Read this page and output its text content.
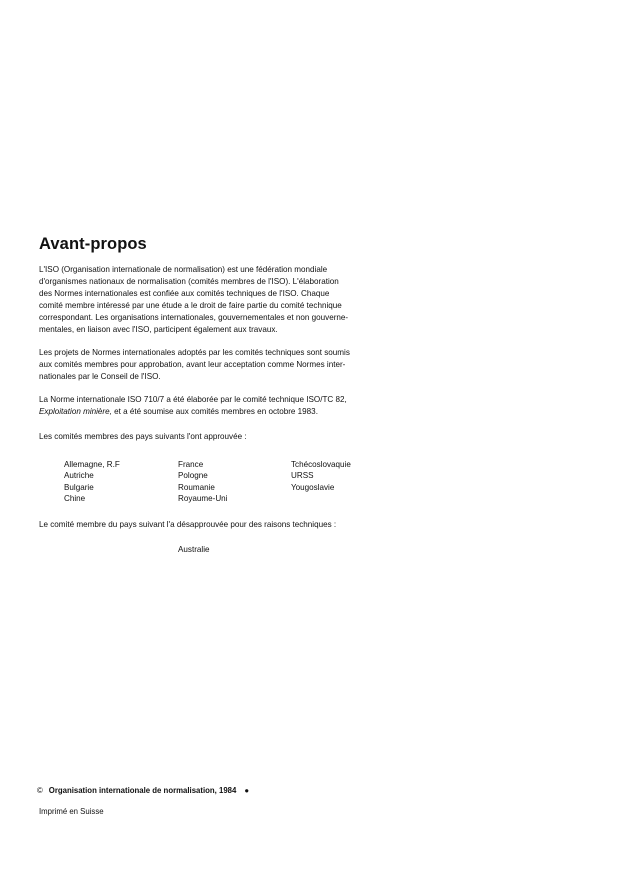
Avant-propos
L'ISO (Organisation internationale de normalisation) est une fédération mondiale
d'organismes nationaux de normalisation (comités membres de l'ISO). L'élaboration
des Normes internationales est confiée aux comités techniques de l'ISO. Chaque
comité membre intéressé par une étude a le droit de faire partie du comité technique
correspondant. Les organisations internationales, gouvernementales et non gouverne-
mentales, en liaison avec l'ISO, participent également aux travaux.
Les projets de Normes internationales adoptés par les comités techniques sont soumis
aux comités membres pour approbation, avant leur acceptation comme Normes inter-
nationales par le Conseil de l'ISO.
La Norme internationale ISO 710/7 a été élaborée par le comité technique ISO/TC 82,
Exploitation minière, et a été soumise aux comités membres en octobre 1983.

Les comités membres des pays suivants l'ont approuvée :

Allemagne, R.F
Autriche
Bulgarie
Chine
France
Pologne
Roumanie
Royaume-Uni
Tchécoslovaquie
URSS
Yougoslavie

Le comité membre du pays suivant l'a désapprouvée pour des raisons techniques :

Australie

© Organisation internationale de normalisation, 1984 ●
Imprimé en Suisse
